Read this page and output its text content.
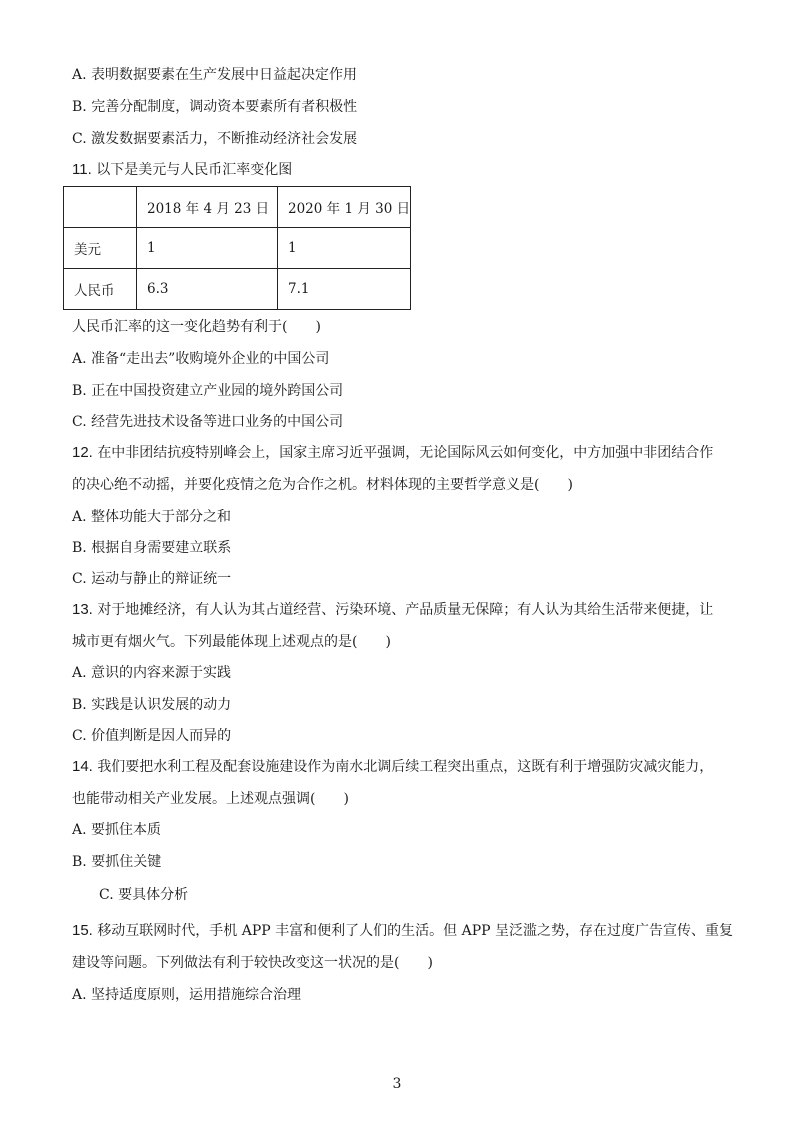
A. 表明数据要素在生产发展中日益起决定作用
B. 完善分配制度，调动资本要素所有者积极性
C. 激发数据要素活力，不断推动经济社会发展
11. 以下是美元与人民币汇率变化图
	2018 年 4 月 23 日	2020 年 1 月 30 日
美元	1	1
人民币	6.3	7.1
人民币汇率的这一变化趋势有利于(　　)
A. 准备“走出去”收购境外企业的中国公司
B. 正在中国投资建立产业园的境外跨国公司
C. 经营先进技术设备等进口业务的中国公司
12. 在中非团结抗疫特别峰会上，国家主席习近平强调，无论国际风云如何变化，中方加强中非团结合作
的决心绝不动摇，并要化疫情之危为合作之机。材料体现的主要哲学意义是(　　)
A. 整体功能大于部分之和
B. 根据自身需要建立联系
C. 运动与静止的辩证统一
13. 对于地摊经济，有人认为其占道经营、污染环境、产品质量无保障；有人认为其给生活带来便捷，让
城市更有烟火气。下列最能体现上述观点的是(　　)
A. 意识的内容来源于实践
B. 实践是认识发展的动力
C. 价值判断是因人而异的
14. 我们要把水利工程及配套设施建设作为南水北调后续工程突出重点，这既有利于增强防灾减灾能力，
也能带动相关产业发展。上述观点强调(　　)
A. 要抓住本质
B. 要抓住关键
C. 要具体分析
15. 移动互联网时代，手机 APP 丰富和便利了人们的生活。但 APP 呈泛滥之势，存在过度广告宣传、重复
建设等问题。下列做法有利于较快改变这一状况的是(　　)
A. 坚持适度原则，运用措施综合治理
3
